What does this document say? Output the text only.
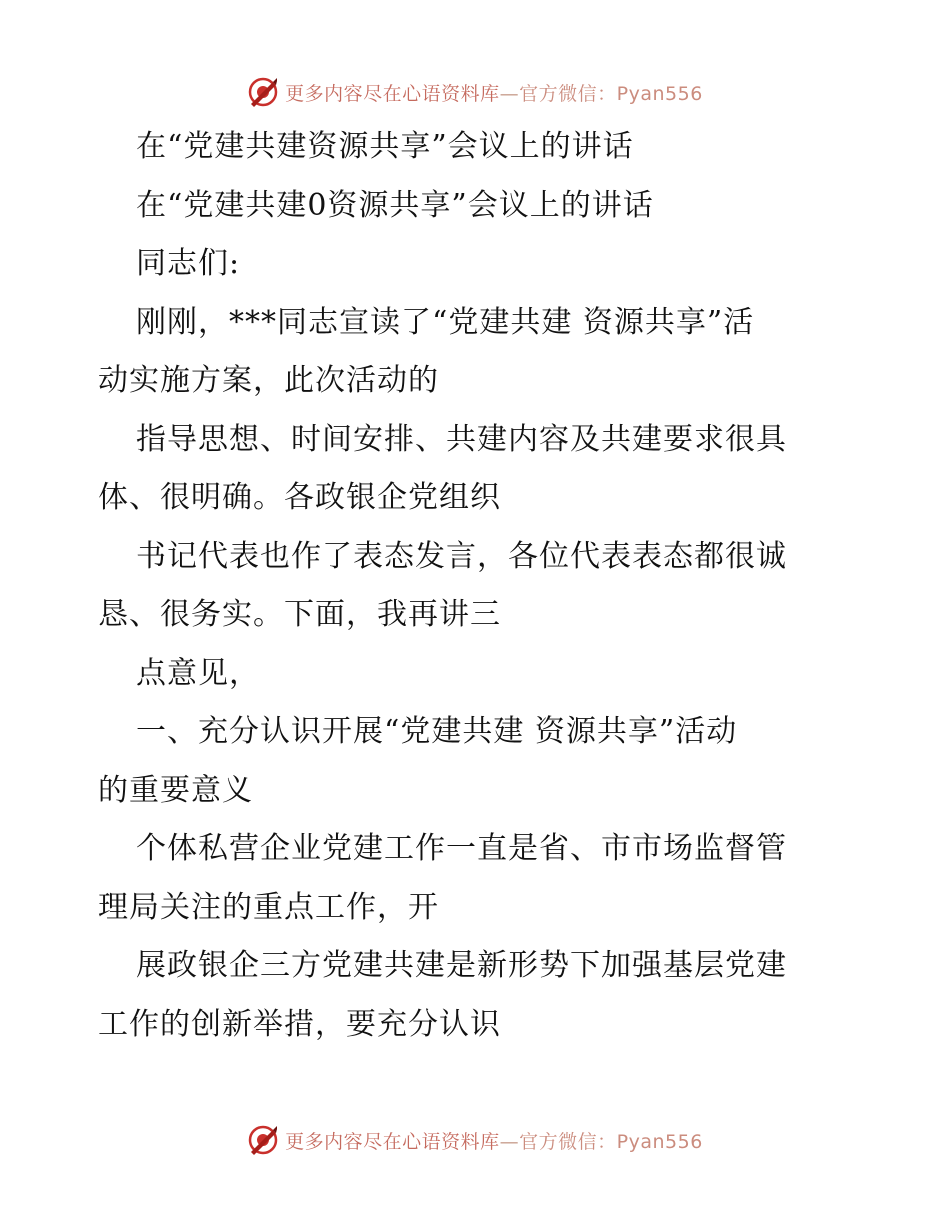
更多内容尽在心语资料库—官方微信：Pyan556
在“党建共建资源共享”会议上的讲话
在“党建共建0资源共享”会议上的讲话
同志们:
刚刚，***同志宣读了“党建共建 资源共享”活
动实施方案，此次活动的
指导思想、时间安排、共建内容及共建要求很具
体、很明确。各政银企党组织
书记代表也作了表态发言，各位代表表态都很诚
恳、很务实。下面，我再讲三
点意见，
一、充分认识开展“党建共建 资源共享”活动
的重要意义
个体私营企业党建工作一直是省、市市场监督管
理局关注的重点工作，开
展政银企三方党建共建是新形势下加强基层党建
工作的创新举措，要充分认识
更多内容尽在心语资料库—官方微信：Pyan556
